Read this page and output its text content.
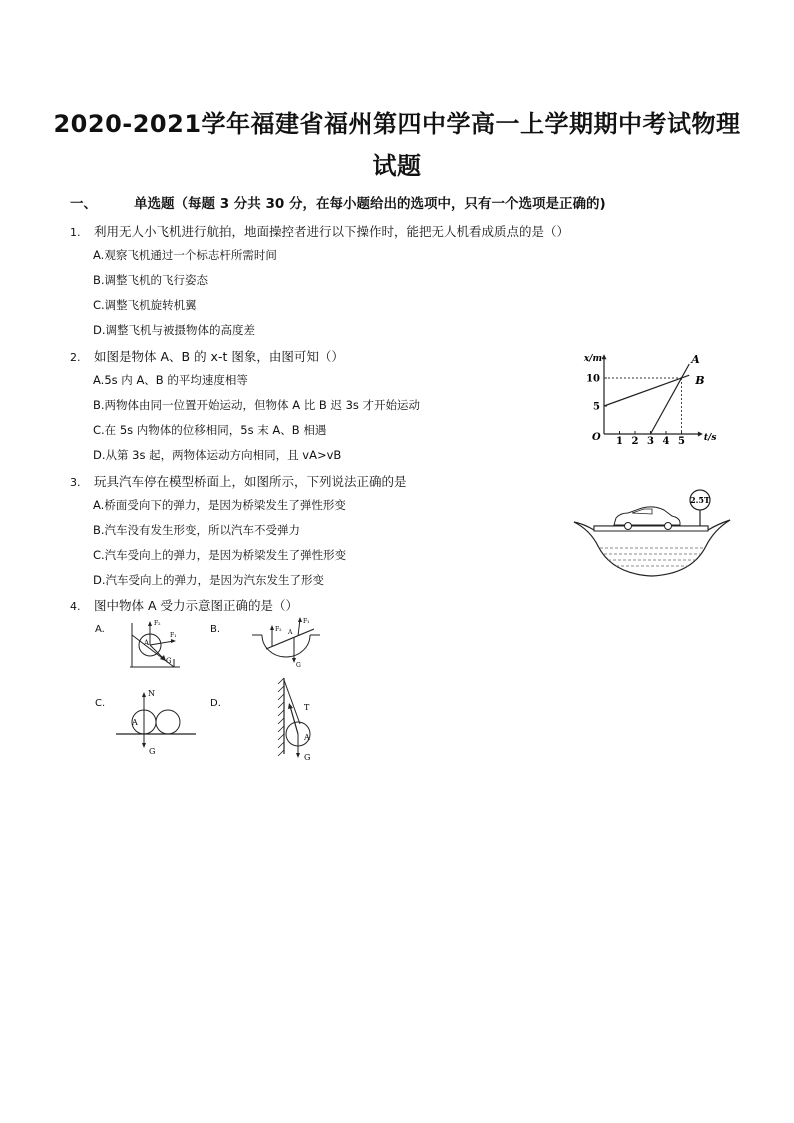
2020-2021学年福建省福州第四中学高一上学期期中考试物理
试题
一、	单选题（每题 3 分共 30 分，在每小题给出的选项中，只有一个选项是正确的)
1. 利用无人小飞机进行航拍，地面操控者进行以下操作时，能把无人机看成质点的是（）
A.观察飞机通过一个标志杆所需时间
B.调整飞机的飞行姿态
C.调整飞机旋转机翼
D.调整飞机与被摄物体的高度差
2. 如图是物体 A、B 的 x-t 图象，由图可知（）
A.5s 内 A、B 的平均速度相等
B.两物体由同一位置开始运动，但物体 A 比 B 迟 3s 才开始运动
C.在 5s 内物体的位移相同，5s 末 A、B 相遇
D.从第 3s 起，两物体运动方向相同，且 vA>vB
x/m
t/s
O 1 2 3 4 5
5
10
A
B
3. 玩具汽车停在模型桥面上，如图所示，下列说法正确的是
A.桥面受向下的弹力，是因为桥梁发生了弹性形变
B.汽车没有发生形变，所以汽车不受弹力
C.汽车受向上的弹力，是因为桥梁发生了弹性形变
D.汽车受向上的弹力，是因为汽东发生了形变
2.5T
4. 图中物体 A 受力示意图正确的是（）
A.	B.
C.	D.
F₂
F₁
A
G
F₂ A
F₁
G
N
A
G
T
A
G
